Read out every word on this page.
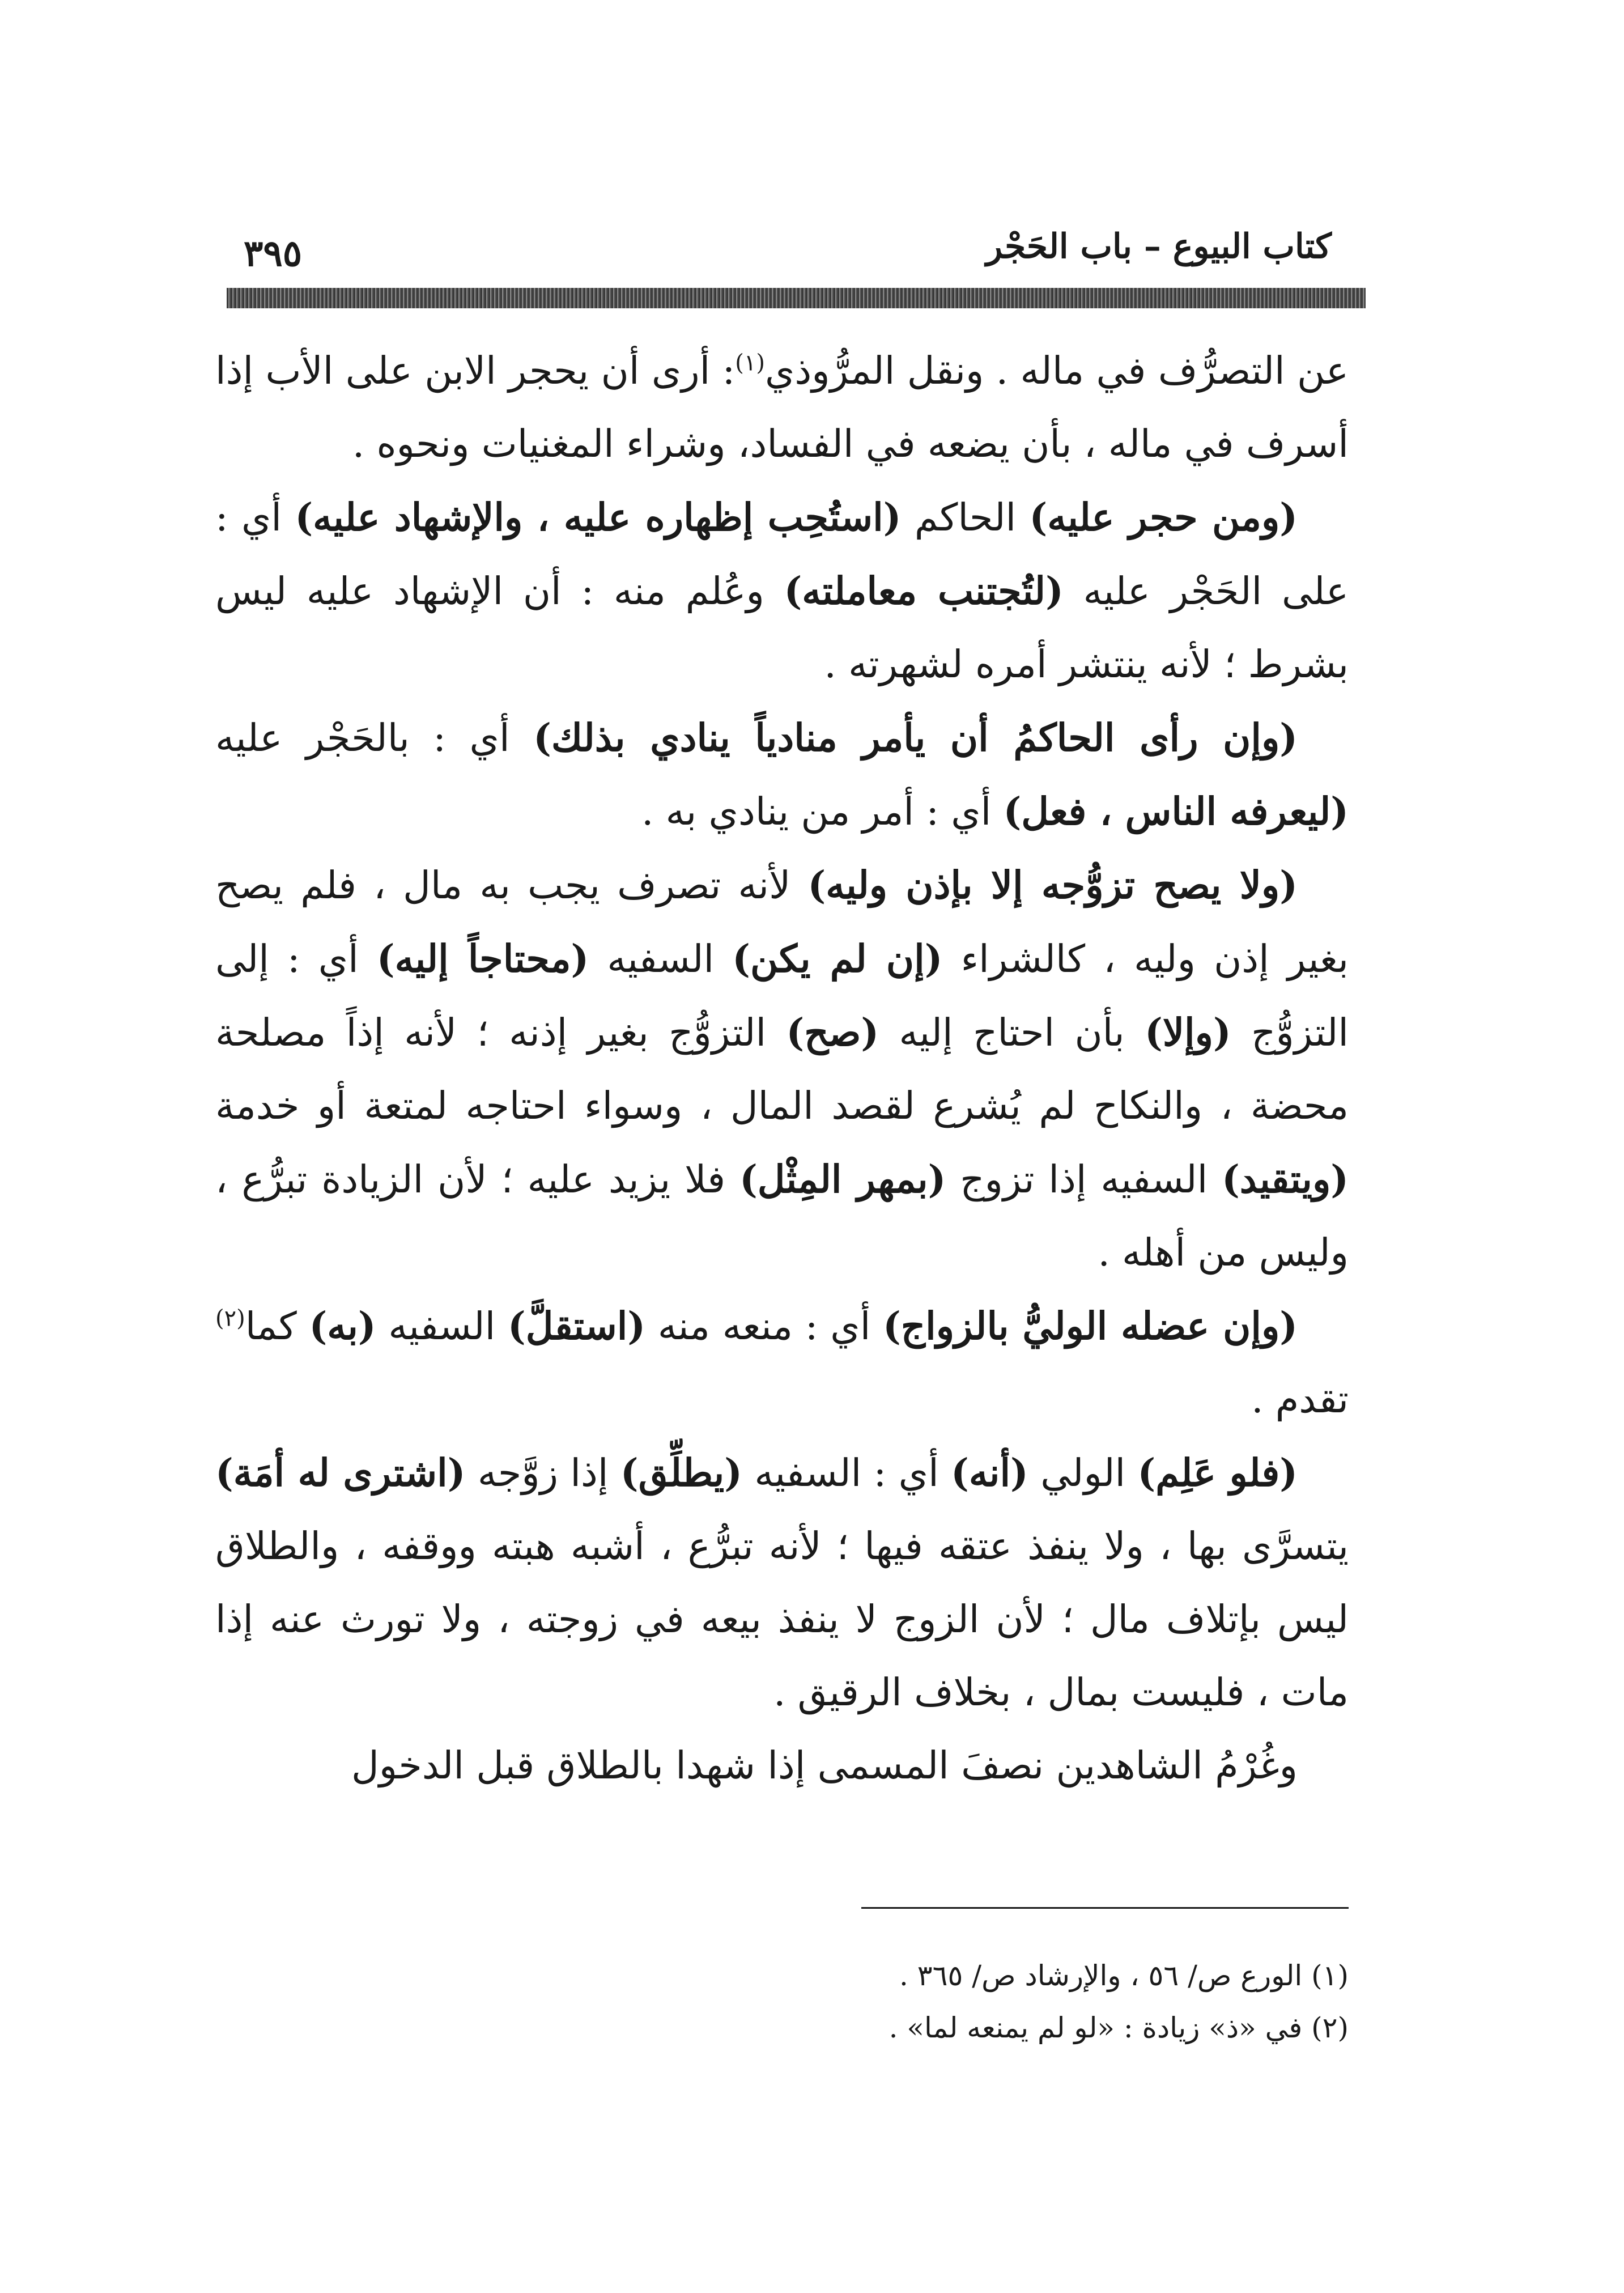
٣٩٥	كتاب البيوع – باب الحَجْر

عن التصرُّف في ماله . ونقل المرُّوذي$^{(١)}$: أرى أن يحجر الابن على الأب إذا أسرف في ماله ، بأن يضعه في الفساد، وشراء المغنيات ونحوه .

(ومن حجر عليه) الحاكم (استُحِب إظهاره عليه ، والإشهاد عليه) أي : على الحَجْر عليه (لتُجتنب معاملته) وعُلم منه : أن الإشهاد عليه ليس بشرط ؛ لأنه ينتشر أمره لشهرته .

(وإن رأى الحاكمُ أن يأمر منادياً ينادي بذلك) أي : بالحَجْر عليه (ليعرفه الناس ، فعل) أي : أمر من ينادي به .

(ولا يصح تزوُّجه إلا بإذن وليه) لأنه تصرف يجب به مال ، فلم يصح بغير إذن وليه ، كالشراء (إن لم يكن) السفيه (محتاجاً إليه) أي : إلى التزوُّج (وإلا) بأن احتاج إليه (صح) التزوُّج بغير إذنه ؛ لأنه إذاً مصلحة محضة ، والنكاح لم يُشرع لقصد المال ، وسواء احتاجه لمتعة أو خدمة (ويتقيد) السفيه إذا تزوج (بمهر المِثْل) فلا يزيد عليه ؛ لأن الزيادة تبرُّع ، وليس من أهله .

(وإن عضله الوليُّ بالزواج) أي : منعه منه (استقلَّ) السفيه (به) كما$^{(٢)}$ تقدم .

(فلو عَلِم) الولي (أنه) أي : السفيه (يطلِّق) إذا زوَّجه (اشترى له أمَة) يتسرَّى بها ، ولا ينفذ عتقه فيها ؛ لأنه تبرُّع ، أشبه هبته ووقفه ، والطلاق ليس بإتلاف مال ؛ لأن الزوج لا ينفذ بيعه في زوجته ، ولا تورث عنه إذا مات ، فليست بمال ، بخلاف الرقيق .

وغُرْمُ الشاهدين نصفَ المسمى إذا شهدا بالطلاق قبل الدخول

(١) الورع ص/ ٥٦ ، والإرشاد ص/ ٣٦٥ .

(٢) في «ذ» زيادة : «لو لم يمنعه لما» .
